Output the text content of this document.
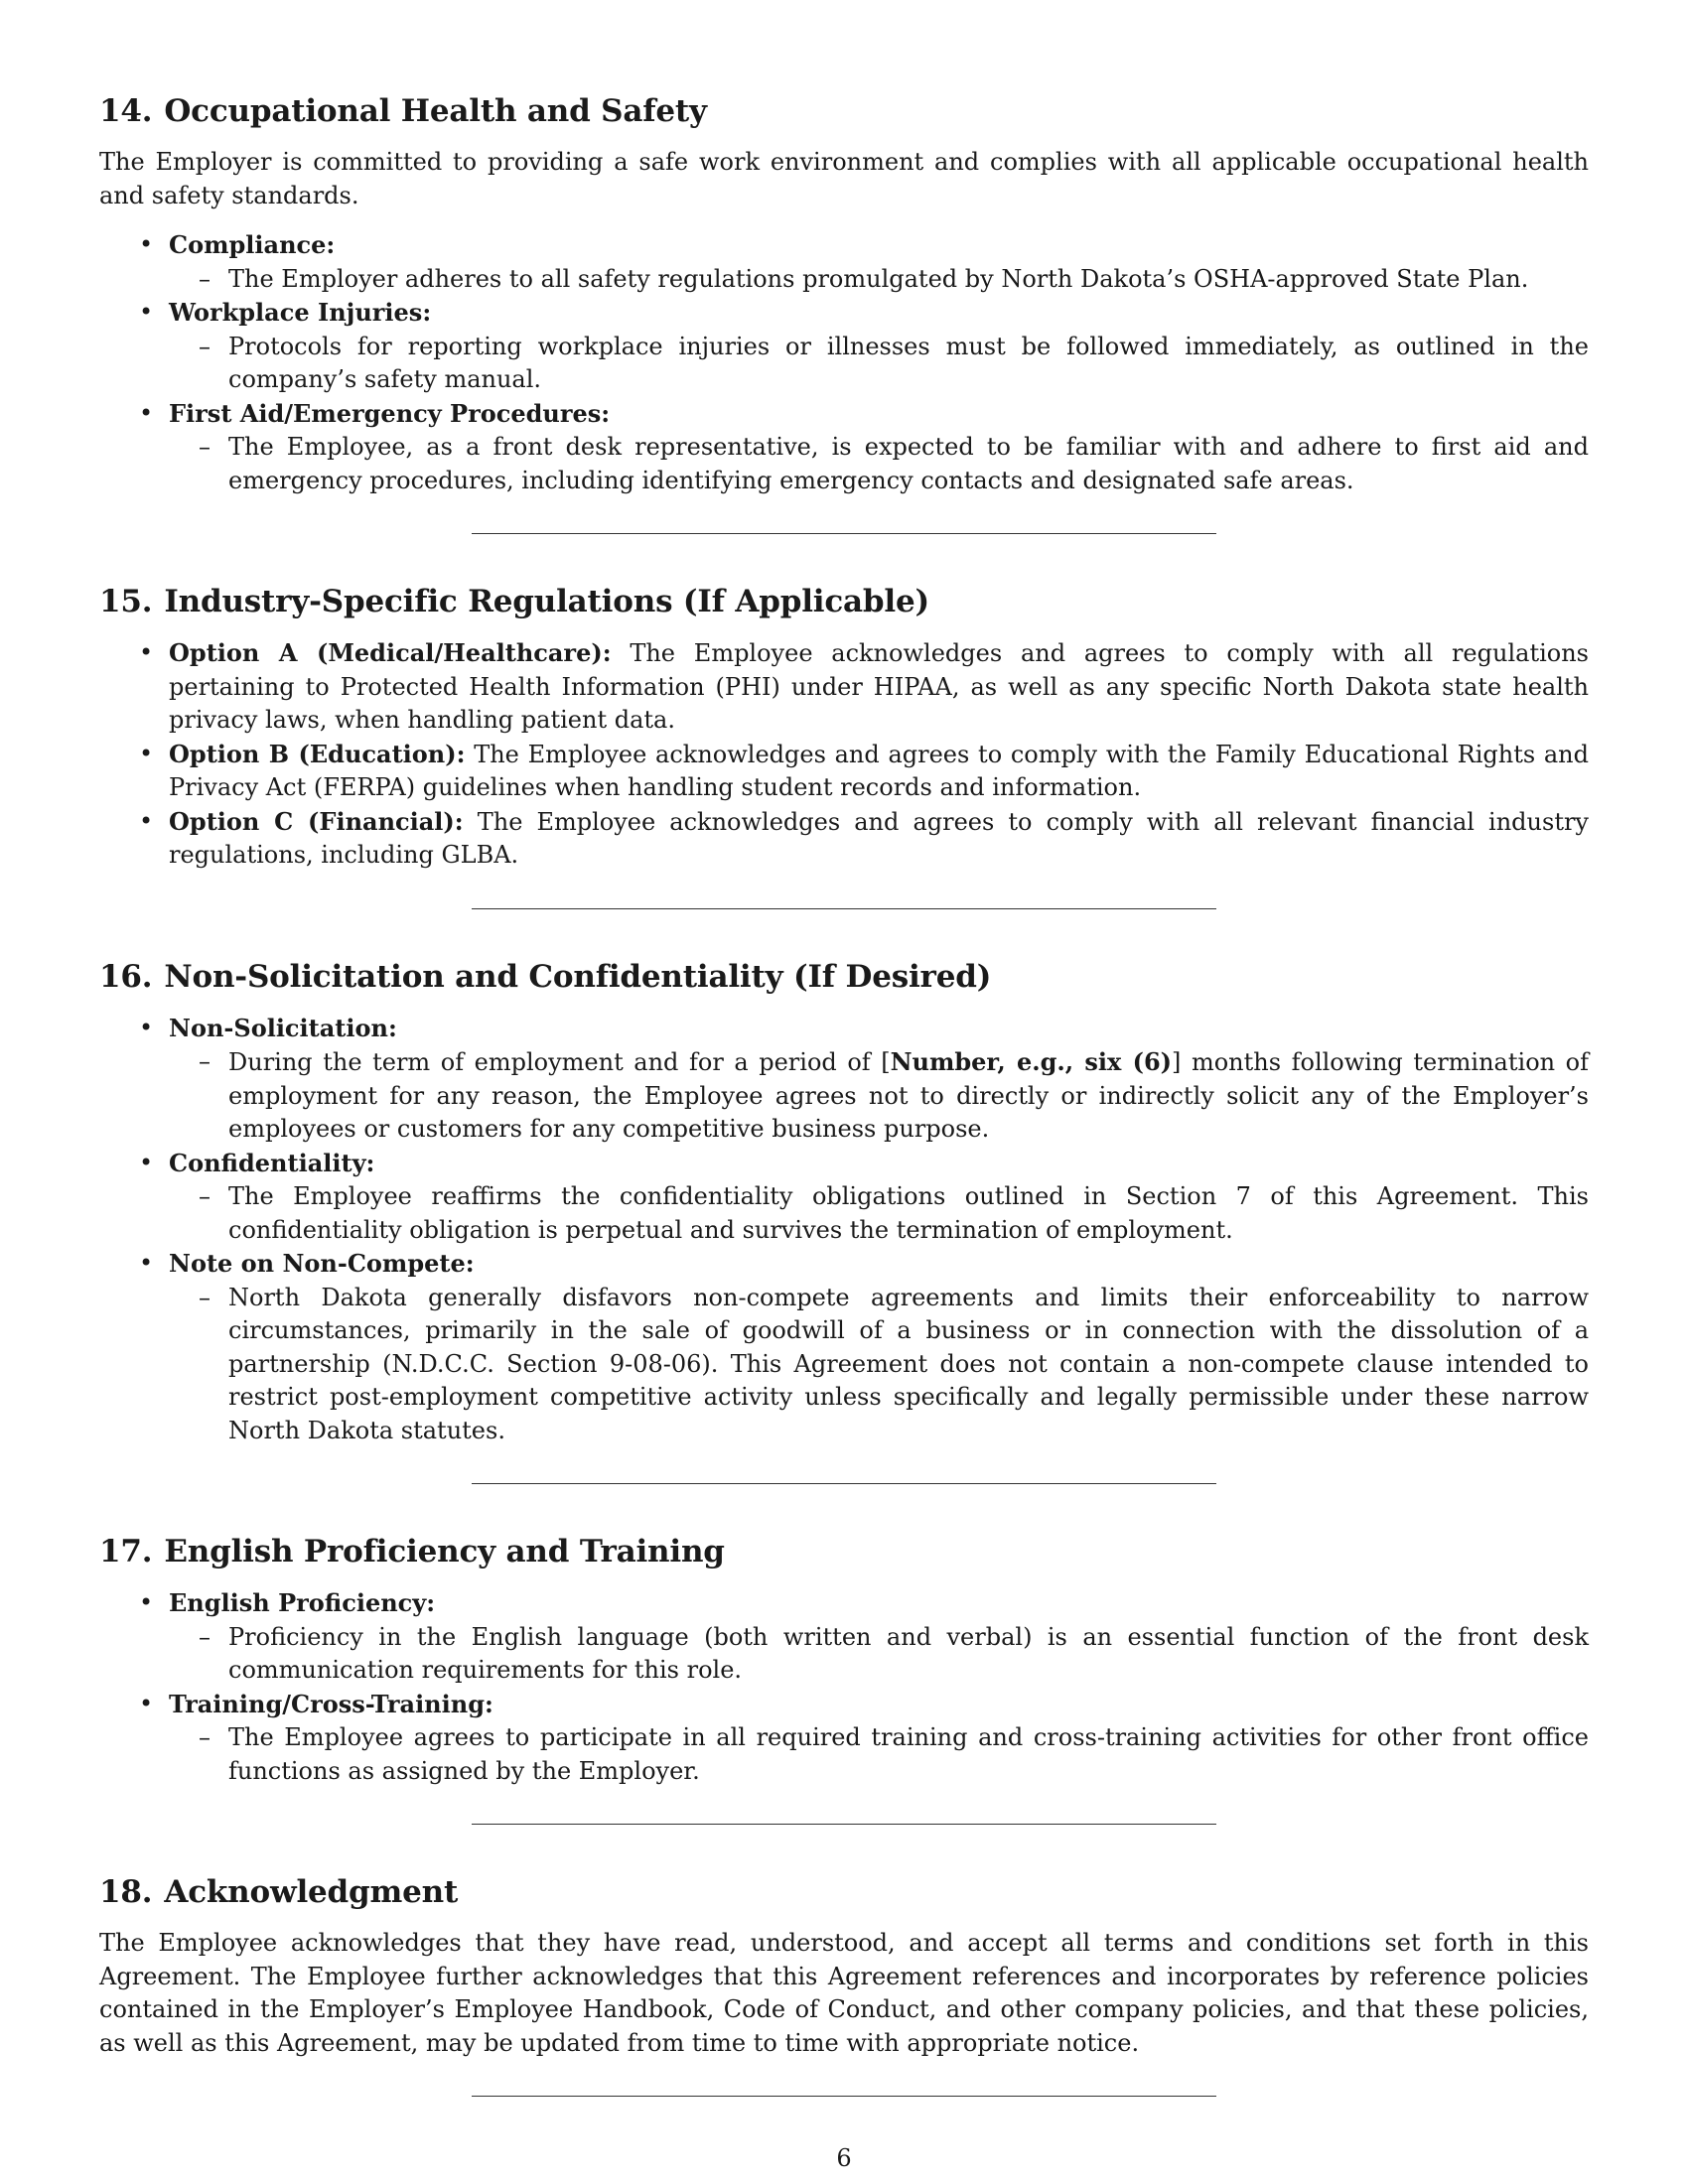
14. Occupational Health and Safety

The Employer is committed to providing a safe work environment and complies with all applicable occupational health and safety standards.

• Compliance:
– The Employer adheres to all safety regulations promulgated by North Dakota’s OSHA-approved State Plan.
• Workplace Injuries:
– Protocols for reporting workplace injuries or illnesses must be followed immediately, as outlined in the company’s safety manual.
• First Aid/Emergency Procedures:
– The Employee, as a front desk representative, is expected to be familiar with and adhere to first aid and emergency procedures, including identifying emergency contacts and designated safe areas.
15. Industry-Specific Regulations (If Applicable)
• Option A (Medical/Healthcare): The Employee acknowledges and agrees to comply with all regulations pertaining to Protected Health Information (PHI) under HIPAA, as well as any specific North Dakota state health privacy laws, when handling patient data.
• Option B (Education): The Employee acknowledges and agrees to comply with the Family Educational Rights and Privacy Act (FERPA) guidelines when handling student records and information.
• Option C (Financial): The Employee acknowledges and agrees to comply with all relevant financial industry regulations, including GLBA.
16. Non-Solicitation and Confidentiality (If Desired)
• Non-Solicitation:
– During the term of employment and for a period of [Number, e.g., six (6)] months following termination of employment for any reason, the Employee agrees not to directly or indirectly solicit any of the Employer’s employees or customers for any competitive business purpose.
• Confidentiality:
– The Employee reaffirms the confidentiality obligations outlined in Section 7 of this Agreement. This confidentiality obligation is perpetual and survives the termination of employment.
• Note on Non-Compete:
– North Dakota generally disfavors non-compete agreements and limits their enforceability to narrow circumstances, primarily in the sale of goodwill of a business or in connection with the dissolution of a partnership (N.D.C.C. Section 9-08-06). This Agreement does not contain a non-compete clause intended to restrict post-employment competitive activity unless specifically and legally permissible under these narrow North Dakota statutes.
17. English Proficiency and Training
• English Proficiency:
– Proficiency in the English language (both written and verbal) is an essential function of the front desk communication requirements for this role.
• Training/Cross-Training:
– The Employee agrees to participate in all required training and cross-training activities for other front office functions as assigned by the Employer.
18. Acknowledgment

The Employee acknowledges that they have read, understood, and accept all terms and conditions set forth in this Agreement. The Employee further acknowledges that this Agreement references and incorporates by reference policies contained in the Employer’s Employee Handbook, Code of Conduct, and other company policies, and that these policies, as well as this Agreement, may be updated from time to time with appropriate notice.

6
